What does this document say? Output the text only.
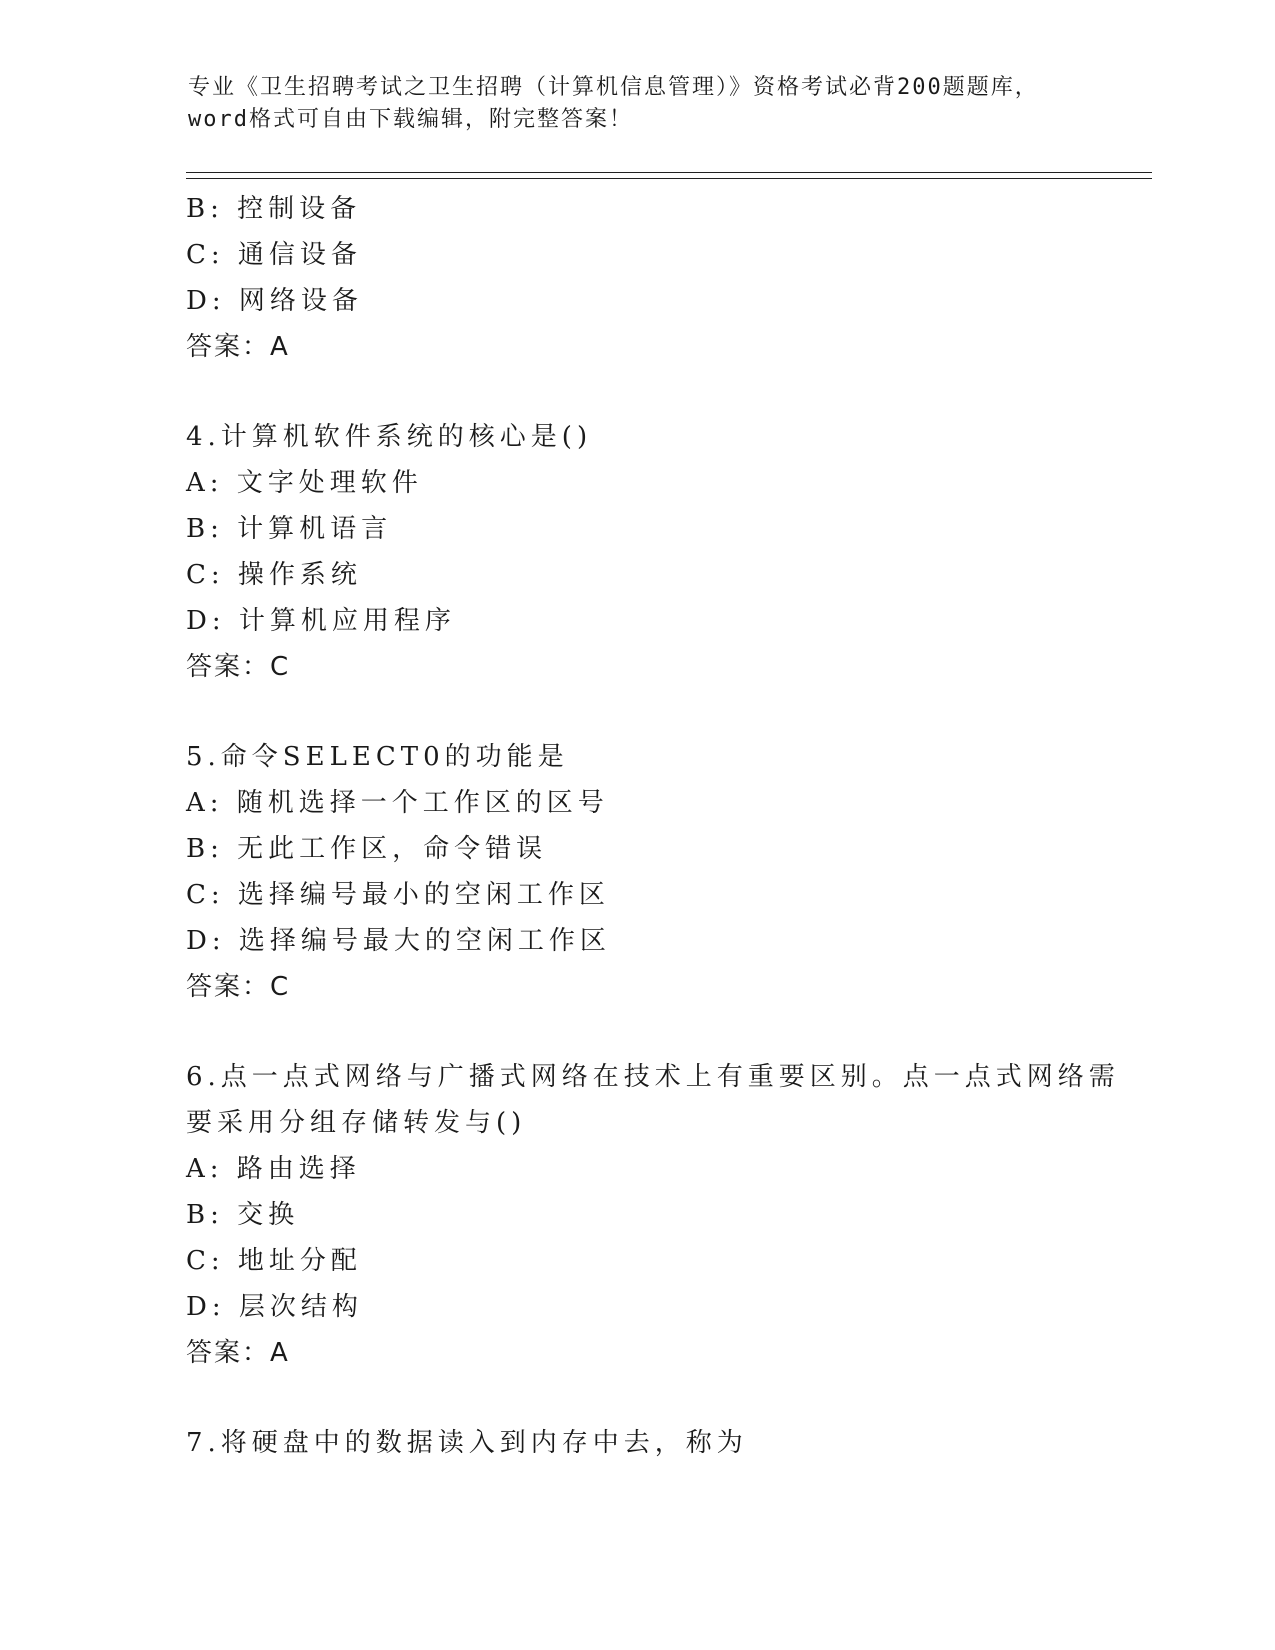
专业《卫生招聘考试之卫生招聘（计算机信息管理）》资格考试必背200题题库，
word格式可自由下载编辑，附完整答案！
B: 控制设备
C: 通信设备
D: 网络设备
答案：A
4.计算机软件系统的核心是()
A: 文字处理软件
B: 计算机语言
C: 操作系统
D: 计算机应用程序
答案：C
5.命令SELECT0的功能是
A: 随机选择一个工作区的区号
B: 无此工作区，命令错误
C: 选择编号最小的空闲工作区
D: 选择编号最大的空闲工作区
答案：C
6.点一点式网络与广播式网络在技术上有重要区别。点一点式网络需
要采用分组存储转发与()
A: 路由选择
B: 交换
C: 地址分配
D: 层次结构
答案：A
7.将硬盘中的数据读入到内存中去，称为
